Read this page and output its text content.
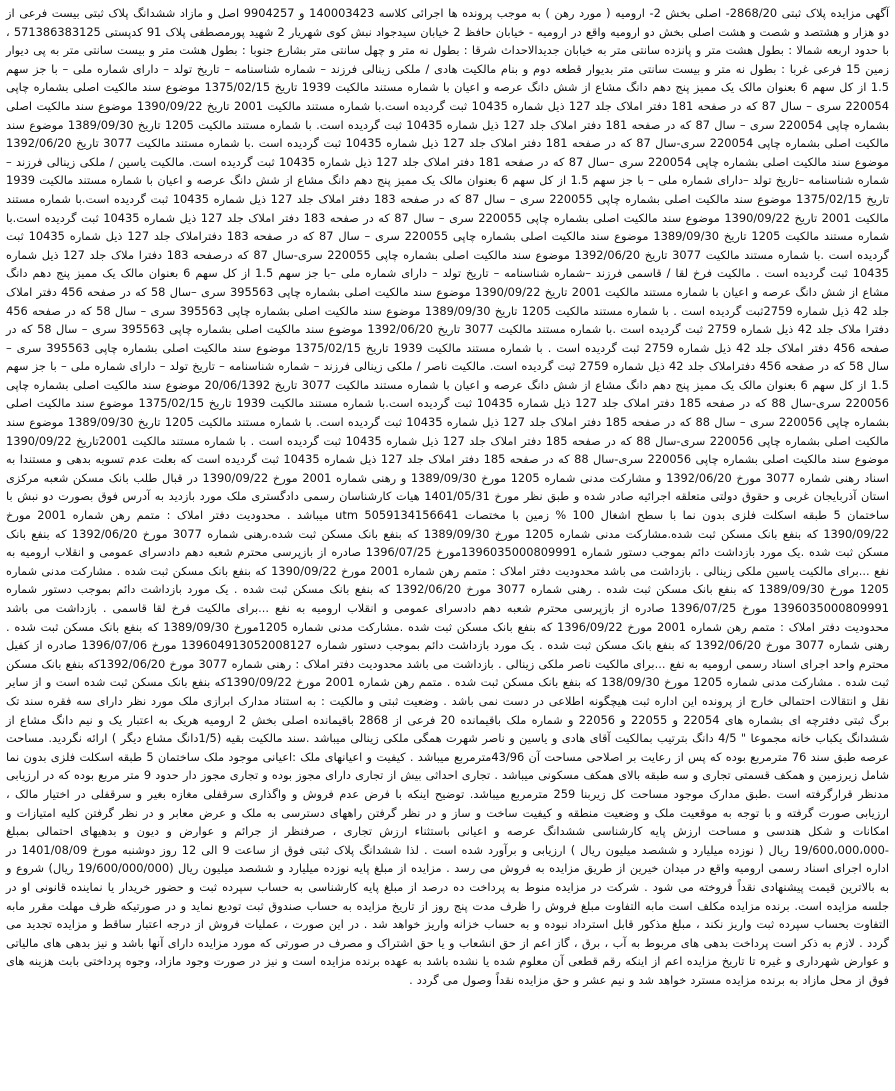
آگهی مزایده پلاک ثبتی 2868/20- اصلی بخش 2- ارومیه ( مورد رهن ) به موجب پرونده ها اجرائی کلاسه 140003423 و 9904257 اصل و مازاد ششدانگ پلاک ثبتی بیست فرعی از دو هزار و هشتصد و شصت و هشت اصلی بخش دو ارومیه واقع در ارومیه - خیابان حافظ 2 خیابان سیدجواد نبش کوی شهریار 2 شهید پورمصطفی پلاک 91 کدپستی 571386383125 ، با حدود اربعه شمالا : بطول هشت متر و پانزده سانتی متر به خیابان جدیدالاحداث شرقا : بطول نه متر و چهل سانتی متر بشارع جنوبا : بطول هشت متر و بیست سانتی متر به پی دیوار زمین 15 فرعی غربا : بطول نه متر و بیست سانتی متر بدیوار قطعه دوم و بنام مالکیت هادی / ملکی زینالی فرزند – شماره شناسنامه – تاریخ تولد – دارای شماره ملی – با جز سهم 1.5 از کل سهم 6 بعنوان مالک یک ممیز پنج دهم دانگ مشاع از شش دانگ عرصه و اعیان با شماره مستند مالکیت 1939 تاریخ 1375/02/15 موضوع سند مالکیت اصلی بشماره چاپی 220054 سری – سال 87 که در صفحه 181 دفتر املاک جلد 127 ذیل شماره 10435 ثبت گردیده است.با شماره مستند مالکیت 2001 تاریخ 1390/09/22 موضوع سند مالکیت اصلی بشماره چاپی 220054 سری – سال 87 که در صفحه 181 دفتر املاک جلد 127 ذیل شماره 10435 ثبت گردیده است. با شماره مستند مالکیت 1205 تاریخ 1389/09/30 موضوع سند مالکیت اصلی بشماره چاپی 220054 سری-سال 87 که در صفحه 181 دفتر املاک جلد 127 ذیل شماره 10435 ثبت گردیده است .با شماره مستند مالکیت 3077 تاریخ 1392/06/20 موضوع سند مالکیت اصلی بشماره چاپی 220054 سری –سال 87 که در صفحه 181 دفتر املاک جلد 127 ذیل شماره 10435 ثبت گردیده است. مالکیت یاسین / ملکی زینالی فرزند – شماره شناسنامه –تاریخ تولد –دارای شماره ملی – با جز سهم 1.5 از کل سهم 6 بعنوان مالک یک ممیز پنج دهم دانگ مشاع از شش دانگ عرصه و اعیان با شماره مستند مالکیت 1939 تاریخ 1375/02/15 موضوع سند مالکیت اصلی بشماره چاپی 220055 سری – سال 87 که در صفحه 183 دفتر املاک جلد 127 ذیل شماره 10435 ثبت گردیده است.با شماره مستند مالکیت 2001 تاریخ 1390/09/22 موضوع سند مالکیت اصلی بشماره چاپی 220055 سری – سال 87 که در صفحه 183 دفتر املاک جلد 127 ذیل شماره 10435 ثبت گردیده است.با شماره مستند مالکیت 1205 تاریخ 1389/09/30 موضوع سند مالکیت اصلی بشماره چاپی 220055 سری – سال 87 که در صفحه 183 دفتراملاک جلد 127 ذیل شماره 10435 ثبت گردیده است .با شماره مستند مالکیت 3077 تاریخ 1392/06/20 موضوع سند مالکیت اصلی بشماره چاپی 220055 سری-سال 87 که درصفحه 183 دفترا ملاک جلد 127 ذیل شماره 10435 ثبت گردیده است . مالکیت فرخ لقا / قاسمی فرزند –شماره شناسنامه – تاریخ تولد – دارای شماره ملی –با جز سهم 1.5 از کل سهم 6 بعنوان مالک یک ممیز پنج دهم دانگ مشاع از شش دانگ عرصه و اعیان با شماره مستند مالکیت 2001 تاریخ 1390/09/22 موضوع سند مالکیت اصلی بشماره چاپی 395563 سری –سال 58 که در صفحه 456 دفتر املاک جلد 42 ذیل شماره 2759ثبت گردیده است . با شماره مستند مالکیت 1205 تاریخ 1389/09/30 موضوع سند مالکیت اصلی بشماره چاپی 395563 سری – سال 58 که در صفحه 456 دفترا ملاک جلد 42 ذیل شماره 2759 ثبت گردیده است .با شماره مستند مالکیت 3077 تاریخ 1392/06/20 موضوع سند مالکیت اصلی بشماره چاپی 395563 سری – سال 58 که در صفحه 456 دفتر املاک جلد 42 ذیل شماره 2759 ثبت گردیده است . با شماره مستند مالکیت 1939 تاریخ 1375/02/15 موضوع سند مالکیت اصلی بشماره چاپی 395563 سری – سال 58 که در صفحه 456 دفتراملاک جلد 42 ذیل شماره 2759 ثبت گردیده است. مالکیت ناصر / ملکی زینالی فرزند – شماره شناسنامه – تاریخ تولد – دارای شماره ملی – با جز سهم 1.5 از کل سهم 6 بعنوان مالک یک ممیز پنج دهم دانگ مشاع از شش دانگ عرصه و اعیان با شماره مستند مالکیت 3077 تاریخ 20/06/1392 موضوع سند مالکیت اصلی بشماره چاپی 220056 سری-سال 88 که در صفحه 185 دفتر املاک جلد 127 ذیل شماره 10435 ثبت گردیده است.با شماره مستند مالکیت 1939 تاریخ 1375/02/15 موضوع سند مالکیت اصلی بشماره چاپی 220056 سری – سال 88 که در صفحه 185 دفتر املاک جلد 127 ذیل شماره 10435 ثبت گردیده است. با شماره مستند مالکیت 1205 تاریخ 1389/09/30 موضوع سند مالکیت اصلی بشماره چاپی 220056 سری-سال 88 که در صفحه 185 دفتر املاک جلد 127 ذیل شماره 10435 ثبت گردیده است . با شماره مستند مالکیت 2001تاریخ 1390/09/22 موضوع سند مالکیت اصلی بشماره چاپی 220056 سری-سال 88 که در صفحه 185 دفتر املاک جلد 127 ذیل شماره 10435 ثبت گردیده است که بعلت عدم تسویه بدهی و مستندا به اسناد رهنی شماره 3077 مورخ 1392/06/20 و مشارکت مدنی شماره 1205 مورخ 1389/09/30 و رهنی شماره 2001 مورخ 1390/09/22 در قبال طلب بانک مسکن شعبه مرکزی استان آذربایجان غربی و حقوق دولتی متعلقه اجرائیه صادر شده و طبق نظر مورخ 1401/05/31 هیات کارشناسان رسمی دادگستری ملک مورد بازدید به آدرس فوق بصورت دو نبش با ساختمان 5 طبقه اسکلت فلزی بدون نما با سطح اشغال 100 % زمین با مختصات utm 5059134156641 میباشد . محدودیت دفتر املاک : متمم رهن شماره 2001 مورخ 1390/09/22 که بنفع بانک مسکن ثبت شده.مشارکت مدنی شماره 1205 مورخ 1389/09/30 که بنفع بانک مسکن ثبت شده.رهنی شماره 3077 مورخ 1392/06/20 که بنفع بانک مسکن ثبت شده .یک مورد بازداشت دائم بموجب دستور شماره 1396035000809991مورخ 1396/07/25 صادره از بازپرسی محترم شعبه دهم دادسرای عمومی و انقلاب ارومیه به نفع ...برای مالکیت یاسین ملکی زینالی . بازداشت می باشد محدودیت دفتر املاک : متمم رهن شماره 2001 مورخ 1390/09/22 که بنفع بانک مسکن ثبت شده . مشارکت مدنی شماره 1205 مورخ 1389/09/30 که بنفع بانک مسکن ثبت شده . رهنی شماره 3077 مورخ 1392/06/20 که بنفع بانک مسکن ثبت شده . یک مورد بازداشت دائم بموجب دستور شماره 1396035000809991 مورخ 1396/07/25 صادره از بازپرسی محترم شعبه دهم دادسرای عمومی و انقلاب ارومیه به نفع ...برای مالکیت فرخ لقا قاسمی . بازداشت می باشد محدودیت دفتر املاک : متمم رهن شماره 2001 مورخ 1396/09/22 که بنفع بانک مسکن ثبت شده .مشارکت مدنی شماره 1205مورخ 1389/09/30 که بنفع بانک مسکن ثبت شده . رهنی شماره 3077 مورخ 1392/06/20 که بنفع بانک مسکن ثبت شده . یک مورد بازداشت دائم بموجب دستور شماره 139604913052008127 مورخ 1396/07/06 صادره از کفیل محترم واحد اجرای اسناد رسمی ارومیه به نفع ...برای مالکیت ناصر ملکی زینالی . بازداشت می باشد محدودیت دفتر املاک : رهنی شماره 3077 مورخ 1392/06/20که بنفع بانک مسکن ثبت شده . مشارکت مدنی شماره 1205 مورخ 138/09/30 که بنفع بانک مسکن ثبت شده . متمم رهن شماره 2001 مورخ 1390/09/22که بنفع بانک مسکن ثبت شده است و از سایر نقل و انتقالات احتمالی خارج از پرونده این اداره ثبت هیچگونه اطلاعی در دست نمی باشد . وضعیت ثبتی و مالکیت : به استناد مدارک ابرازی ملک مورد نظر دارای سه فقره سند تک برگ ثبتی دفترچه ای بشماره های 22054 و 22055 و 22056 و شماره ملک باقیمانده 20 فرعی از 2868 باقیمانده اصلی بخش 2 ارومیه هریک به اعتبار یک و نیم دانگ مشاع از ششدانگ یکباب خانه مجموعا " 4/5 دانگ بترتیب بمالکیت آقای هادی و یاسین و ناصر شهرت همگی ملکی زینالی میباشد .سند مالکیت بقیه (1/5دانگ مشاع دیگر ) ارائه نگردید. مساحت عرصه طبق سند 76 مترمربع بوده که پس از رعایت بر اصلاحی مساحت آن 43/96مترمربع میباشد . کیفیت و اعیانهای ملک :اعیانی موجود ملک ساختمان 5 طبقه اسکلت فلزی بدون نما شامل زیرزمین و همکف قسمتی تجاری و سه طبقه بالای همکف مسکونی میباشد . تجاری احداثی بیش از تجاری دارای مجوز بوده و تجاری مجوز دار حدود 9 متر مربع بوده که در ارزیابی مدنظر قرارگرفته است .طبق مدارک موجود مساحت کل زیربنا 259 مترمربع میباشد. توضیح اینکه با فرض عدم فروش و واگذاری سرقفلی مغازه بغیر و سرقفلی در اختیار مالک ، ارزیابی صورت گرفته و با توجه به موقعیت ملک و وضعیت منطقه و کیفیت ساخت و ساز و در نظر گرفتن راههای دسترسی به ملک و عرض معابر و در نظر گرفتن کلیه امتیازات و امکانات و شکل هندسی و مساحت ارزش پایه کارشناسی ششدانگ عرصه و اعیانی باستثناء ارزش تجاری ، صرفنظر از جرائم و عوارض و دیون و بدهیهای احتمالی بمبلغ -19/600،000،000 ریال ( نوزده میلیارد و ششصد میلیون ریال ) ارزیابی و برآورد شده است . لذا ششدانگ پلاک ثبتی فوق از ساعت 9 الی 12 روز دوشنبه مورخ 1401/08/09 در اداره اجرای اسناد رسمی ارومیه واقع در میدان خیرین از طریق مزایده به فروش می رسد . مزایده از مبلغ پایه نوزده میلیارد و ششصد میلیون ریال (19/600/000/000 ریال) شروع و به بالاترین قیمت پیشنهادی نقداً فروخته می شود . شرکت در مزایده منوط به پرداخت ده درصد از مبلغ پایه کارشناسی به حساب سپرده ثبت و حضور خریدار یا نماینده قانونی او در جلسه مزایده است. برنده مزایده مکلف است مابه التفاوت مبلغ فروش را ظرف مدت پنج روز از تاریخ مزایده به حساب صندوق ثبت تودیع نماید و در صورتیکه ظرف مهلت مقرر مابه التفاوت بحساب سپرده ثبت واریز نکند ، مبلغ مذکور قابل استرداد نبوده و به حساب خزانه واریز خواهد شد . در این صورت ، عملیات فروش از درجه اعتبار ساقط و مزایده تجدید می گردد . لازم به ذکر است پرداخت بدهی های مربوط به آب ، برق ، گاز اعم از حق انشعاب و یا حق اشتراک و مصرف در صورتی که مورد مزایده دارای آنها باشد و نیز بدهی های مالیاتی و عوارض شهرداری و غیره تا تاریخ مزایده اعم از اینکه رقم قطعی آن معلوم شده یا نشده باشد به عهده برنده مزایده است و نیز در صورت وجود مازاد، وجوه پرداختی بابت هزینه های فوق از محل مازاد به برنده مزایده مسترد خواهد شد و نیم عشر و حق مزایده نقداً وصول می گردد .
